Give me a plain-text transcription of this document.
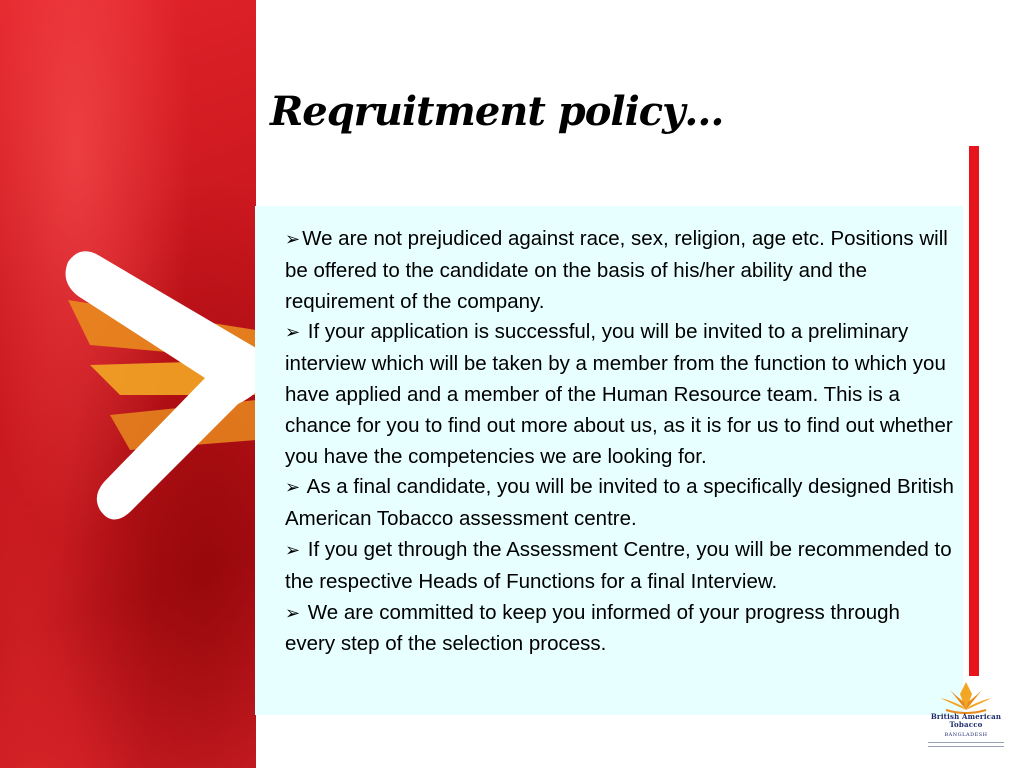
Reqruitment policy…
➢We are not prejudiced against race, sex, religion, age etc. Positions will be offered to the candidate on the basis of his/her ability and the requirement of the company.
➢ If your application is successful, you will be invited to a preliminary interview which will be taken by a member from the function to which you have applied and a member of the Human Resource team. This is a chance for you to find out more about us, as it is for us to find out whether you have the competencies we are looking for.
➢ As a final candidate, you will be invited to a specifically designed British American Tobacco assessment centre.
➢ If you get through the Assessment Centre, you will be recommended to the respective Heads of Functions for a final Interview.
➢ We are committed to keep you informed of your progress through every step of the selection process.

British American
Tobacco

BANGLADESH
